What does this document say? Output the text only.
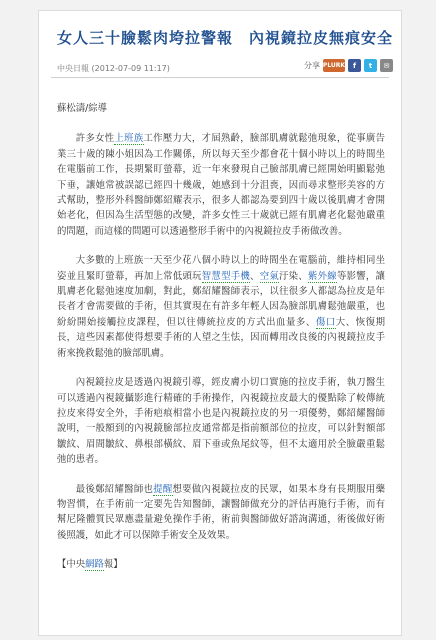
女人三十臉鬆肉垮拉警報　內視鏡拉皮無痕安全
中央日報 (2012-07-09 11:17)	分享 PLURK	f	t	✉

蘇松濤/綜導

許多女性上班族工作壓力大，才屆熟齡，臉部肌膚就鬆弛現象，從事廣告業三十歲的陳小姐因為工作關係，所以每天至少都會花十個小時以上的時間坐在電腦前工作，長期緊盯螢幕，近一年來發現自己臉部肌膚已經開始明顯鬆弛下垂，讓她常被誤認已經四十幾歲，她感到十分沮喪，因而尋求整形美容的方式幫助，整形外科醫師鄭紹耀表示，很多人都認為要到四十歲以後肌膚才會開始老化，但因為生活型態的改變，許多女性三十歲就已經有肌膚老化鬆弛嚴重的問題，而這樣的問題可以透過整形手術中的內視鏡拉皮手術做改善。

大多數的上班族一天至少花八個小時以上的時間坐在電腦前，維持相同坐姿並且緊盯螢幕，再加上常低頭玩智慧型手機、空氣汙染、紫外線等影響，讓肌膚老化鬆弛速度加劇，對此，鄭紹耀醫師表示，以往很多人都認為拉皮是年長者才會需要做的手術，但其實現在有許多年輕人因為臉部肌膚鬆弛嚴重，也紛紛開始接觸拉皮課程，但以往傳統拉皮的方式出血量多、傷口大、恢復期長，這些因素都使得想要手術的人望之生怯，因而轉用改良後的內視鏡拉皮手術來挽救鬆弛的臉部肌膚。

內視鏡拉皮是透過內視鏡引導，經皮膚小切口實施的拉皮手術，執刀醫生可以透過內視鏡攝影進行精確的手術操作，內視鏡拉皮最大的優點除了較傳統拉皮來得安全外，手術疤痕相當小也是內視鏡拉皮的另一項優勢，鄭紹耀醫師說明，一般額到的內視鏡臉部拉皮通常都是指前額部位的拉皮，可以針對額部皺紋、眉間皺紋、鼻根部橫紋、眉下垂或魚尾紋等，但不太適用於全臉嚴重鬆弛的患者。

最後鄭紹耀醫師也提醒想要做內視鏡拉皮的民眾，如果本身有長期服用藥物習慣，在手術前一定要先告知醫師，讓醫師做充分的評估再施行手術，而有幫尼隆體質民眾應盡量避免操作手術，術前與醫師做好諮詢溝通，術後做好術後照護，如此才可以保障手術安全及效果。

【中央網路報】
